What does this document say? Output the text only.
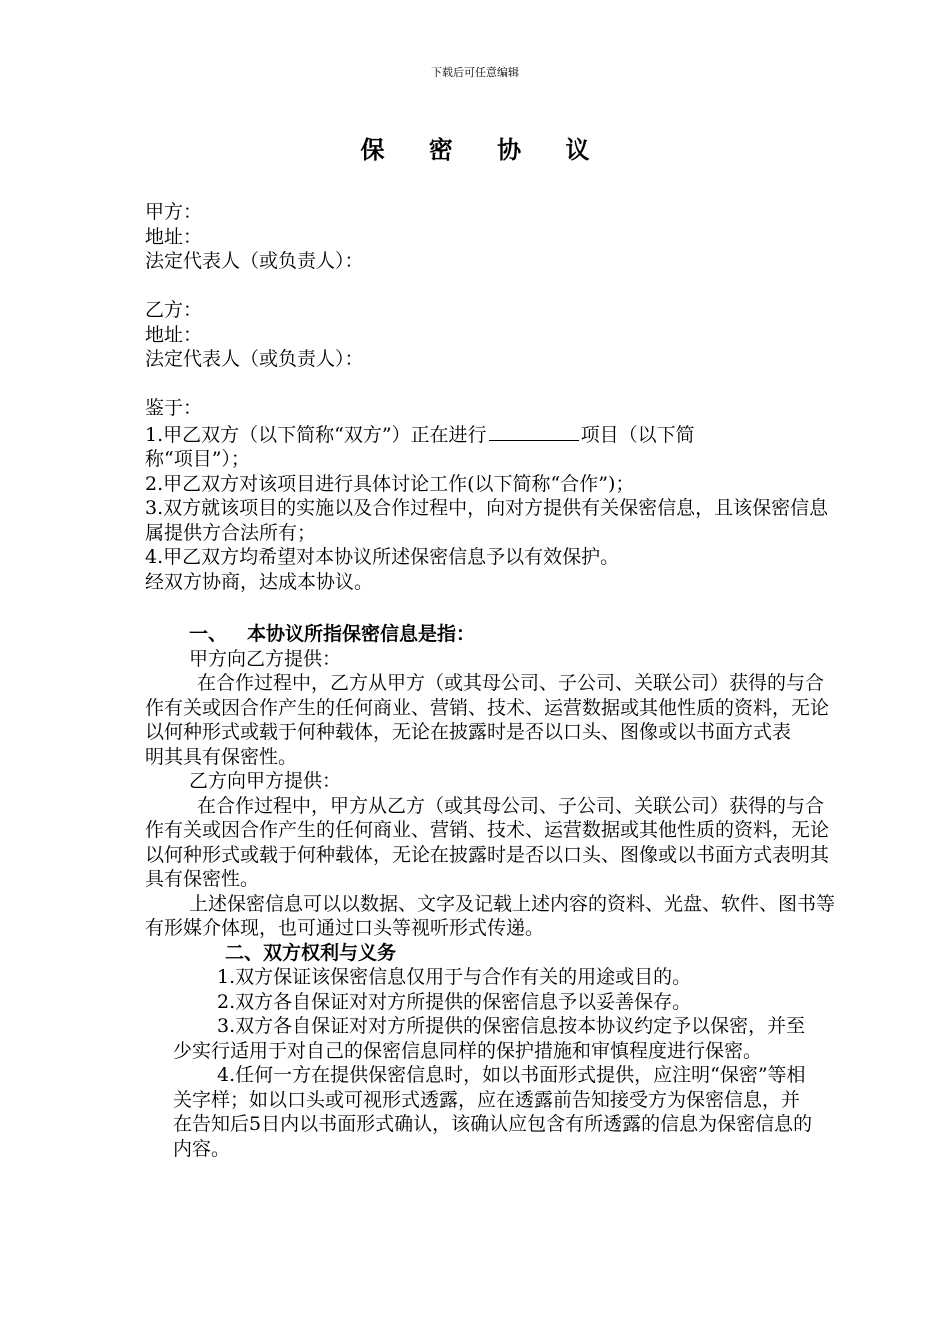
下载后可任意编辑
保 密 协 议
甲方：
地址：
法定代表人（或负责人）：
乙方：
地址：
法定代表人（或负责人）：
鉴于：
1.甲乙双方（以下简称“双方”）正在进行	项目（以下简
称“项目”）；
2.甲乙双方对该项目进行具体讨论工作(以下简称“合作”)；
3.双方就该项目的实施以及合作过程中，向对方提供有关保密信息，且该保密信息属提供方合法所有；
4.甲乙双方均希望对本协议所述保密信息予以有效保护。
经双方协商，达成本协议。
一、 本协议所指保密信息是指：
甲方向乙方提供：
在合作过程中，乙方从甲方（或其母公司、子公司、关联公司）获得的与合作有关或因合作产生的任何商业、营销、技术、运营数据或其他性质的资料，无论以何种形式或载于何种载体，无论在披露时是否以口头、图像或以书面方式表
明其具有保密性。
乙方向甲方提供：
在合作过程中，甲方从乙方（或其母公司、子公司、关联公司）获得的与合作有关或因合作产生的任何商业、营销、技术、运营数据或其他性质的资料，无论以何种形式或载于何种载体，无论在披露时是否以口头、图像或以书面方式表明其具有保密性。
上述保密信息可以以数据、文字及记载上述内容的资料、光盘、软件、图书等有形媒介体现，也可通过口头等视听形式传递。
二、双方权利与义务
1.双方保证该保密信息仅用于与合作有关的用途或目的。
2.双方各自保证对对方所提供的保密信息予以妥善保存。
3.双方各自保证对对方所提供的保密信息按本协议约定予以保密，并至少实行适用于对自己的保密信息同样的保护措施和审慎程度进行保密。
4.任何一方在提供保密信息时，如以书面形式提供，应注明“保密”等相关字样；如以口头或可视形式透露，应在透露前告知接受方为保密信息，并在告知后5日内以书面形式确认，该确认应包含有所透露的信息为保密信息的内容。
